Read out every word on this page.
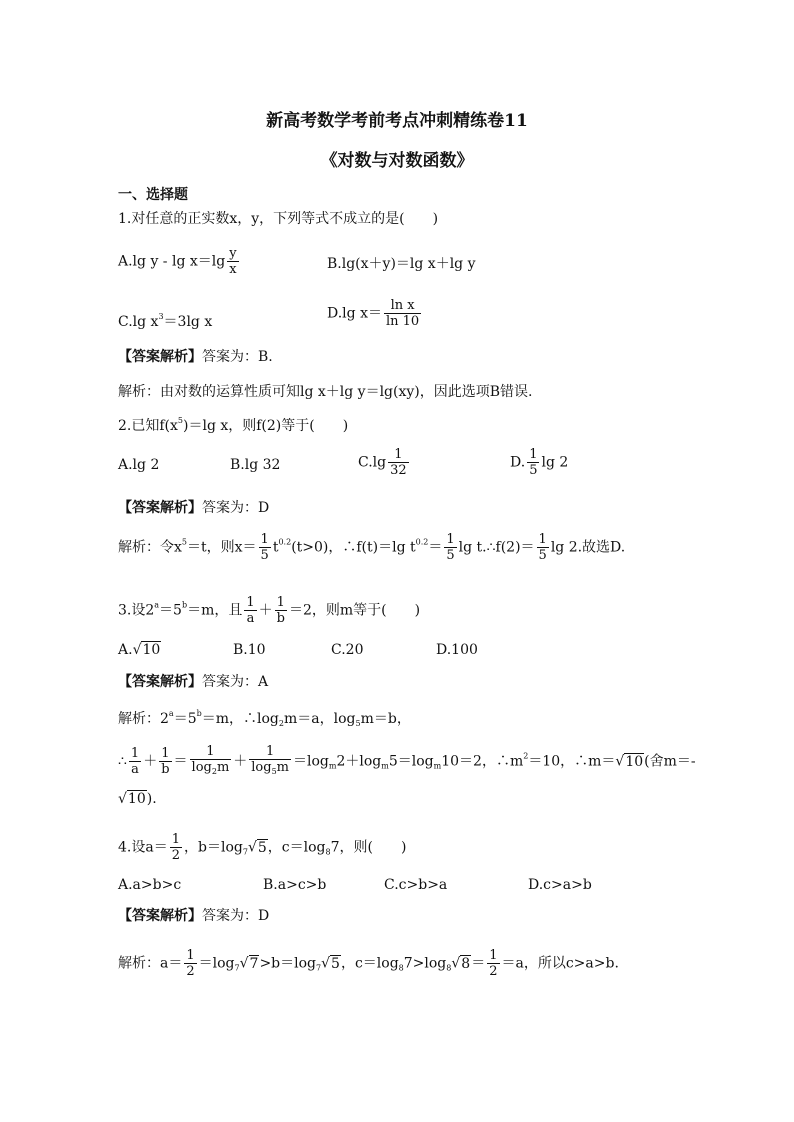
新高考数学考前考点冲刺精练卷11
《对数与对数函数》
一、选择题
1.对任意的正实数x，y，下列等式不成立的是(　　)
A.lg $y - \lg x=\lg \frac{y}{x}$	B.lg(x＋y)＝lg x＋lg y
C.lg $x^3=3\lg$ x
D.lg $x= \frac{\text{ln x}}{\ln 10}$
【答案解析】答案为：B.
解析：由对数的运算性质可知lg x＋lg y＝lg(xy)，因此选项B错误.
2.已知$f(x^5)=\lg$ x，则f(2)等于(　　)
A.lg 2	B.lg 32	$C.\lg \frac{1}{32}$	D. $\frac{1}{5}$ lg 2
【答案解析】答案为：D
解析：令$x^5=t$，则$x= \frac{1}{5} t^{0.2}(t>0)$，∴f(t)＝lg $t^{0.2}= \frac{1}{5}$ lg t.∴f(2)＝ $\frac{1}{5}$ lg 2.故选D.
3.设$2^a=5^b=m$，且 $\frac{1}{a} + \frac{1}{b} =2$，则m等于(　　)
A.√10	B.10	C.20	D.100
【答案解析】答案为：A
解析：$2^a=5^b=m$，$\therefore\log_2m=a$，$\log_5m=b$，
∴ $\frac{1}{a} + \frac{1}{b} = \frac{1}{\log_2m} + \frac{1}{\log_5m} =\log_m2+\log_m5=\log_m10=2$，$\therefore m^2=10$，∴m＝√10(舍m＝-
√10).
4.设$a= \frac{1}{2}$ ，$b=\log_7√5$，$c=\log_87$，则(　　)
A.a>b>c	B.a>c>b	C.c>b>a	D.c>a>b
【答案解析】答案为：D
解析：$a= \frac{1}{2} =\log_7√7>b=\log_7√5$，$c=\log_87>\log_8√8= \frac{1}{2} =a$，所以c>a>b.
